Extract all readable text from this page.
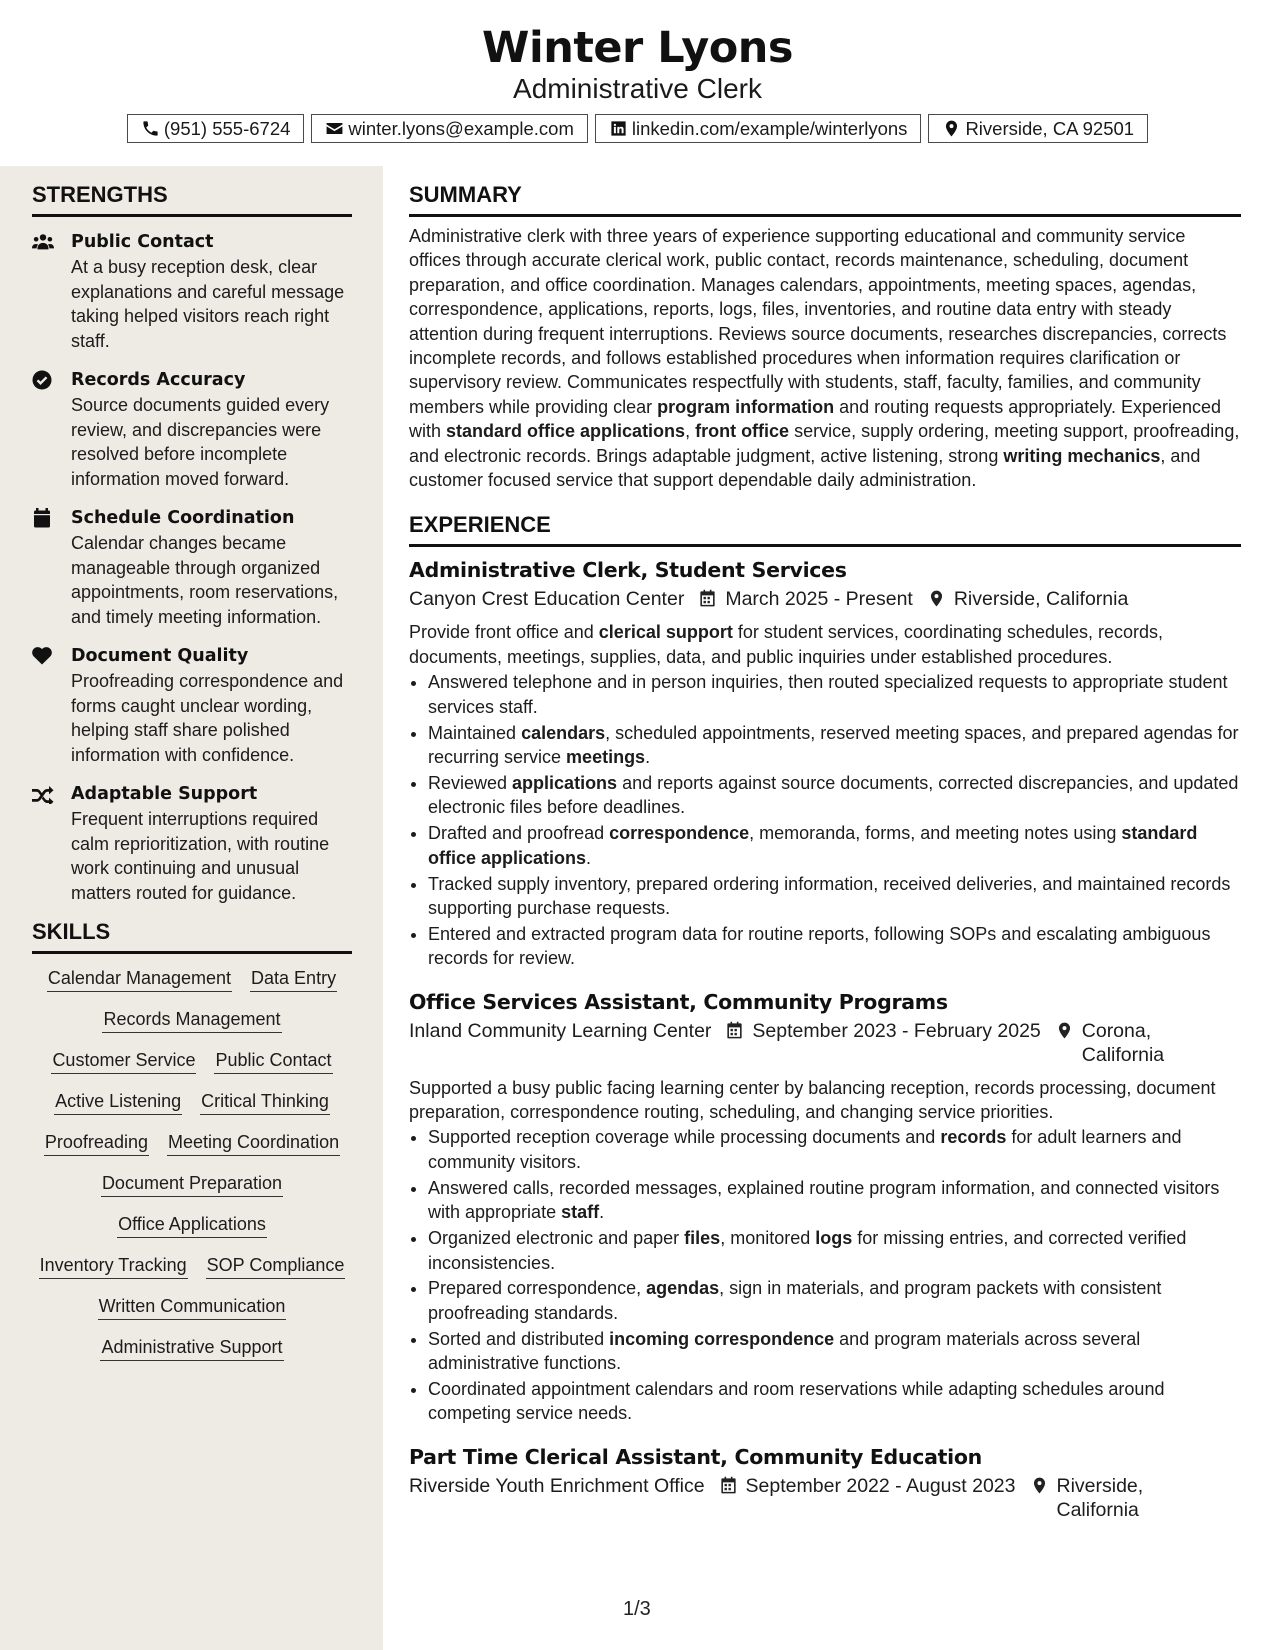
Winter Lyons
Administrative Clerk
(951) 555-6724	winter.lyons@example.com	linkedin.com/example/winterlyons	Riverside, CA 92501
STRENGTHS
Public Contact
At a busy reception desk, clear explanations and careful message taking helped visitors reach right staff.
Records Accuracy
Source documents guided every review, and discrepancies were resolved before incomplete information moved forward.
Schedule Coordination
Calendar changes became manageable through organized appointments, room reservations, and timely meeting information.
Document Quality
Proofreading correspondence and forms caught unclear wording, helping staff share polished information with confidence.
Adaptable Support
Frequent interruptions required calm reprioritization, with routine work continuing and unusual matters routed for guidance.
SKILLS
Calendar Management Data Entry
Records Management
Customer Service Public Contact
Active Listening Critical Thinking
Proofreading Meeting Coordination
Document Preparation
Office Applications
Inventory Tracking SOP Compliance
Written Communication
Administrative Support
SUMMARY
Administrative clerk with three years of experience supporting educational and community service offices through accurate clerical work, public contact, records maintenance, scheduling, document preparation, and office coordination. Manages calendars, appointments, meeting spaces, agendas, correspondence, applications, reports, logs, files, inventories, and routine data entry with steady attention during frequent interruptions. Reviews source documents, researches discrepancies, corrects incomplete records, and follows established procedures when information requires clarification or supervisory review. Communicates respectfully with students, staff, faculty, families, and community members while providing clear program information and routing requests appropriately. Experienced with standard office applications, front office service, supply ordering, meeting support, proofreading, and electronic records. Brings adaptable judgment, active listening, strong writing mechanics, and customer focused service that support dependable daily administration.
EXPERIENCE
Administrative Clerk, Student Services
Canyon Crest Education Center March 2025 - Present Riverside, California
Provide front office and clerical support for student services, coordinating schedules, records, documents, meetings, supplies, data, and public inquiries under established procedures.
• Answered telephone and in person inquiries, then routed specialized requests to appropriate student services staff.
• Maintained calendars, scheduled appointments, reserved meeting spaces, and prepared agendas for recurring service meetings.
• Reviewed applications and reports against source documents, corrected discrepancies, and updated electronic files before deadlines.
• Drafted and proofread correspondence, memoranda, forms, and meeting notes using standard office applications.
• Tracked supply inventory, prepared ordering information, received deliveries, and maintained records supporting purchase requests.
• Entered and extracted program data for routine reports, following SOPs and escalating ambiguous records for review.
Office Services Assistant, Community Programs
Inland Community Learning Center September 2023 - February 2025 Corona, California
Supported a busy public facing learning center by balancing reception, records processing, document preparation, correspondence routing, scheduling, and changing service priorities.
• Supported reception coverage while processing documents and records for adult learners and community visitors.
• Answered calls, recorded messages, explained routine program information, and connected visitors with appropriate staff.
• Organized electronic and paper files, monitored logs for missing entries, and corrected verified inconsistencies.
• Prepared correspondence, agendas, sign in materials, and program packets with consistent proofreading standards.
• Sorted and distributed incoming correspondence and program materials across several administrative functions.
• Coordinated appointment calendars and room reservations while adapting schedules around competing service needs.
Part Time Clerical Assistant, Community Education
Riverside Youth Enrichment Office September 2022 - August 2023 Riverside, California
1/3
